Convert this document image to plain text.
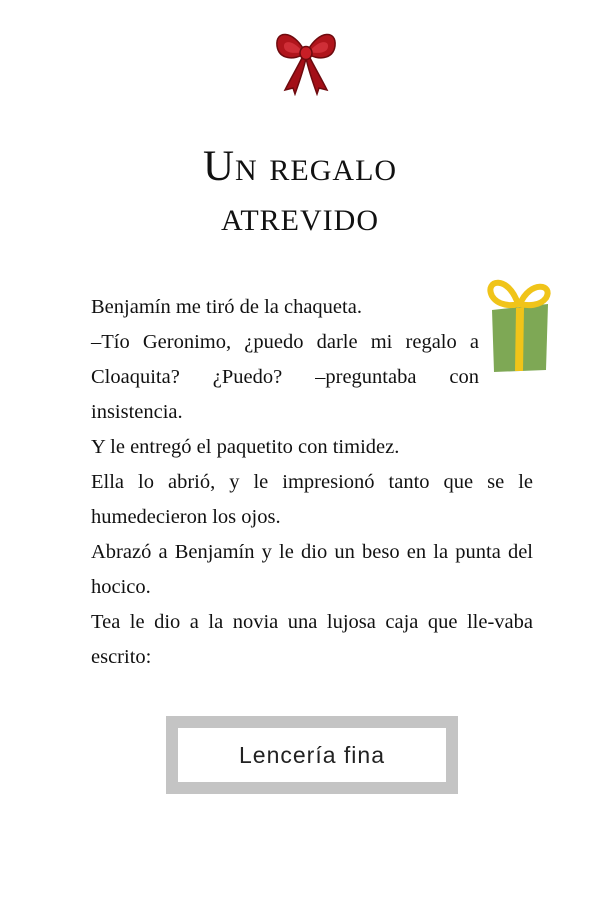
Un regalo
atrevido

Benjamín me tiró de la chaqueta.

–Tío Geronimo, ¿puedo darle mi regalo a Cloaquita? ¿Puedo? –preguntaba con insistencia.

Y le entregó el paquetito con timidez.

Ella lo abrió, y le impresionó tanto que se le humedecieron los ojos.

Abrazó a Benjamín y le dio un beso en la punta del hocico.

Tea le dio a la novia una lujosa caja que lle-vaba escrito:

Lencería fina
